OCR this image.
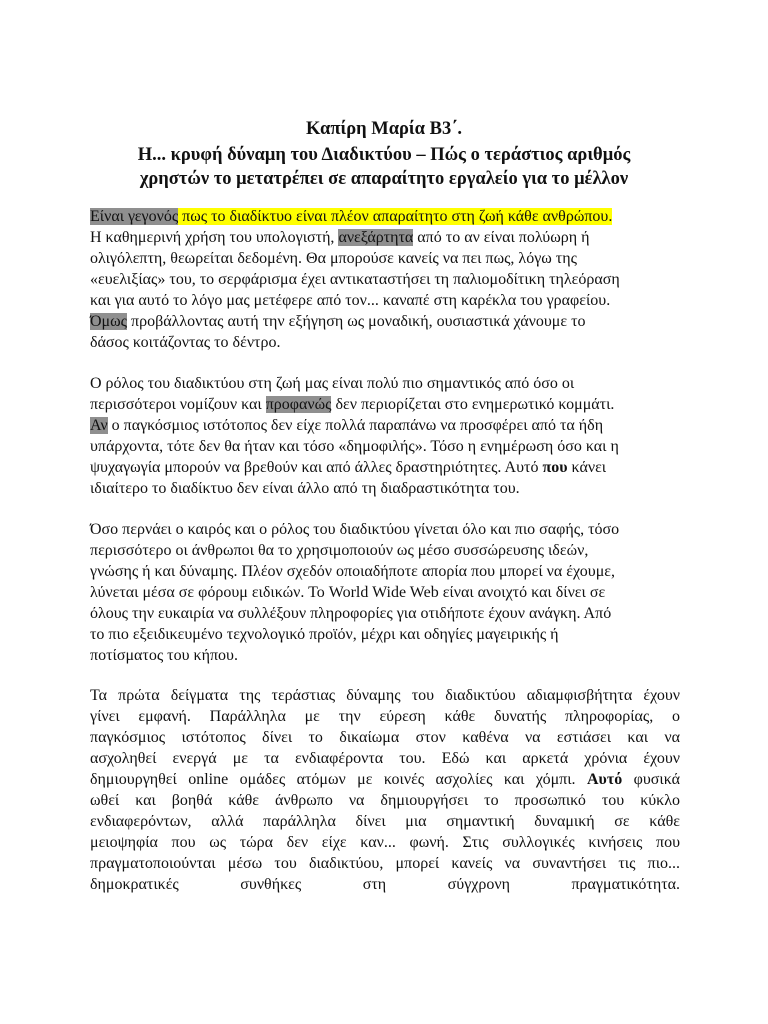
Καπίρη Μαρία Β3΄.
Η... κρυφή δύναμη του Διαδικτύου – Πώς ο τεράστιος αριθμός
χρηστών το μετατρέπει σε απαραίτητο εργαλείο για το μέλλον
Είναι γεγονός πως το διαδίκτυο είναι πλέον απαραίτητο στη ζωή κάθε ανθρώπου.
Η καθημερινή χρήση του υπολογιστή, ανεξάρτητα από το αν είναι πολύωρη ή
ολιγόλεπτη, θεωρείται δεδομένη. Θα μπορούσε κανείς να πει πως, λόγω της
«ευελιξίας» του, το σερφάρισμα έχει αντικαταστήσει τη παλιομοδίτικη τηλεόραση
και για αυτό το λόγο μας μετέφερε από τον... καναπέ στη καρέκλα του γραφείου.
Όμως προβάλλοντας αυτή την εξήγηση ως μοναδική, ουσιαστικά χάνουμε το
δάσος κοιτάζοντας το δέντρο.
Ο ρόλος του διαδικτύου στη ζωή μας είναι πολύ πιο σημαντικός από όσο οι
περισσότεροι νομίζουν και προφανώς δεν περιορίζεται στο ενημερωτικό κομμάτι.
Αν ο παγκόσμιος ιστότοπος δεν είχε πολλά παραπάνω να προσφέρει από τα ήδη
υπάρχοντα, τότε δεν θα ήταν και τόσο «δημοφιλής». Τόσο η ενημέρωση όσο και η
ψυχαγωγία μπορούν να βρεθούν και από άλλες δραστηριότητες. Αυτό που κάνει
ιδιαίτερο το διαδίκτυο δεν είναι άλλο από τη διαδραστικότητα του.
Όσο περνάει ο καιρός και ο ρόλος του διαδικτύου γίνεται όλο και πιο σαφής, τόσο
περισσότερο οι άνθρωποι θα το χρησιμοποιούν ως μέσο συσσώρευσης ιδεών,
γνώσης ή και δύναμης. Πλέον σχεδόν οποιαδήποτε απορία που μπορεί να έχουμε,
λύνεται μέσα σε φόρουμ ειδικών. Το World Wide Web είναι ανοιχτό και δίνει σε
όλους την ευκαιρία να συλλέξουν πληροφορίες για οτιδήποτε έχουν ανάγκη. Από
το πιο εξειδικευμένο τεχνολογικό προϊόν, μέχρι και οδηγίες μαγειρικής ή
ποτίσματος του κήπου.
Τα πρώτα δείγματα της τεράστιας δύναμης του διαδικτύου αδιαμφισβήτητα έχουν
γίνει εμφανή. Παράλληλα με την εύρεση κάθε δυνατής πληροφορίας, ο
παγκόσμιος ιστότοπος δίνει το δικαίωμα στον καθένα να εστιάσει και να
ασχοληθεί ενεργά με τα ενδιαφέροντα του. Εδώ και αρκετά χρόνια έχουν
δημιουργηθεί online ομάδες ατόμων με κοινές ασχολίες και χόμπι. Αυτό φυσικά
ωθεί και βοηθά κάθε άνθρωπο να δημιουργήσει το προσωπικό του κύκλο
ενδιαφερόντων, αλλά παράλληλα δίνει μια σημαντική δυναμική σε κάθε
μειοψηφία που ως τώρα δεν είχε καν... φωνή. Στις συλλογικές κινήσεις που
πραγματοποιούνται μέσω του διαδικτύου, μπορεί κανείς να συναντήσει τις πιο...
δημοκρατικές συνθήκες στη σύγχρονη πραγματικότητα.
